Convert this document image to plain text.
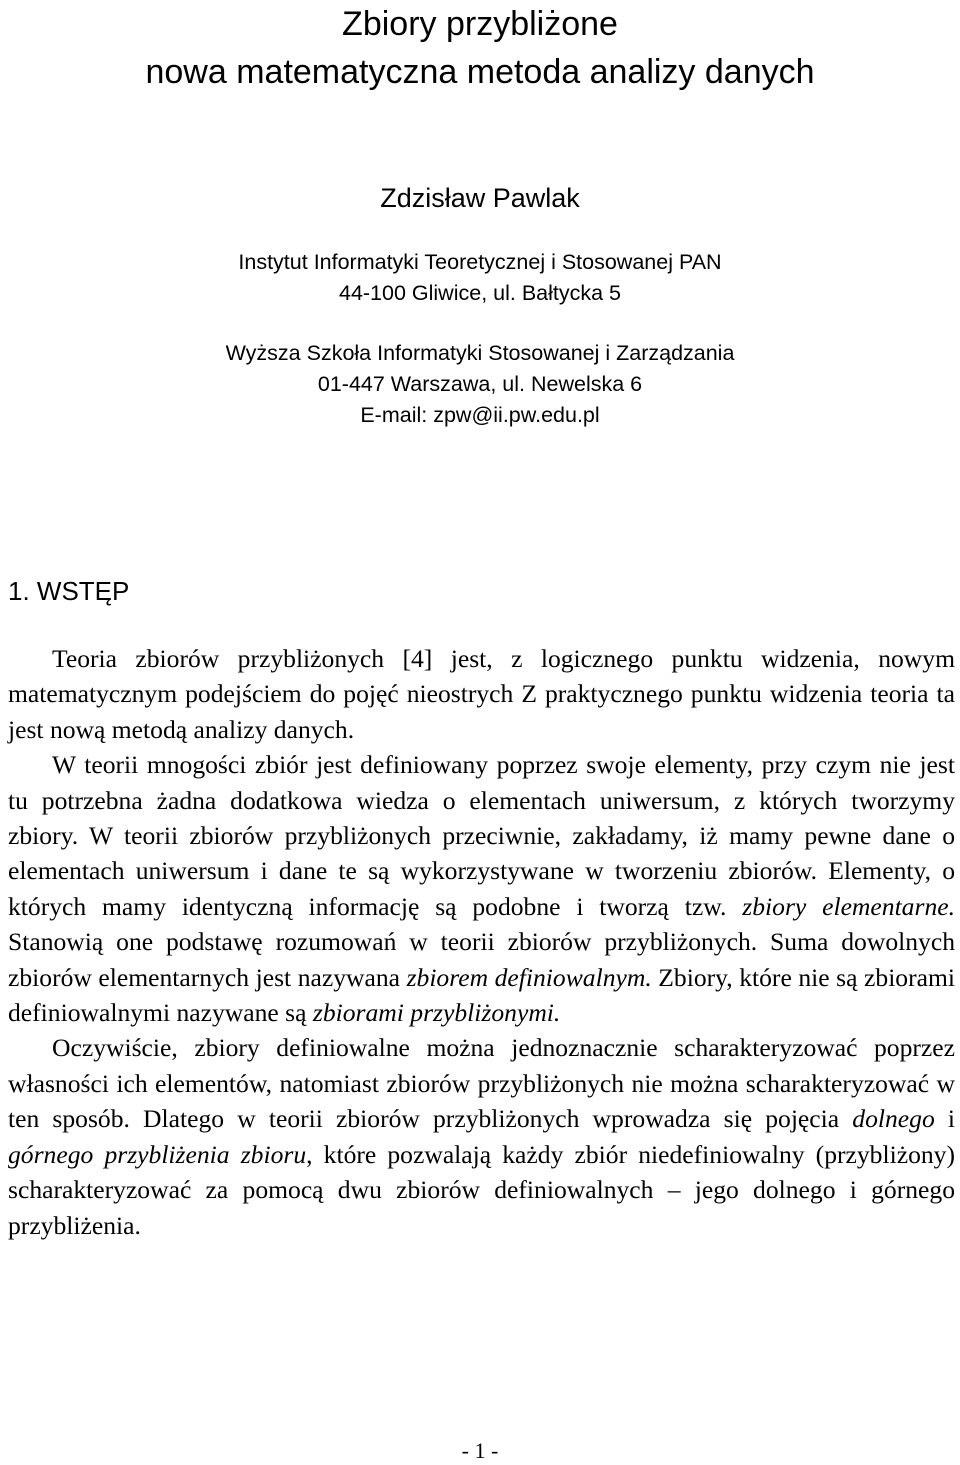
Zbiory przybliżone
nowa matematyczna metoda analizy danych
Zdzisław Pawlak
Instytut Informatyki Teoretycznej i Stosowanej PAN
44-100 Gliwice, ul. Bałtycka 5
Wyższa Szkoła Informatyki Stosowanej i Zarządzania
01-447 Warszawa, ul. Newelska 6
E-mail: zpw@ii.pw.edu.pl
1. WSTĘP

Teoria zbiorów przybliżonych [4] jest, z logicznego punktu widzenia, nowym matematycznym podejściem do pojęć nieostrych Z praktycznego punktu widzenia teoria ta jest nową metodą analizy danych.

W teorii mnogości zbiór jest definiowany poprzez swoje elementy, przy czym nie jest tu potrzebna żadna dodatkowa wiedza o elementach uniwersum, z których tworzymy zbiory. W teorii zbiorów przybliżonych przeciwnie, zakładamy, iż mamy pewne dane o elementach uniwersum i dane te są wykorzystywane w tworzeniu zbiorów. Elementy, o których mamy identyczną informację są podobne i tworzą tzw. zbiory elementarne. Stanowią one podstawę rozumowań w teorii zbiorów przybliżonych. Suma dowolnych zbiorów elementarnych jest nazywana zbiorem definiowalnym. Zbiory, które nie są zbiorami definiowalnymi nazywane są zbiorami przybliżonymi.

Oczywiście, zbiory definiowalne można jednoznacznie scharakteryzować poprzez własności ich elementów, natomiast zbiorów przybliżonych nie można scharakteryzować w ten sposób. Dlatego w teorii zbiorów przybliżonych wprowadza się pojęcia dolnego i górnego przybliżenia zbioru, które pozwalają każdy zbiór niedefiniowalny (przybliżony) scharakteryzować za pomocą dwu zbiorów definiowalnych – jego dolnego i górnego przybliżenia.

- 1 -
